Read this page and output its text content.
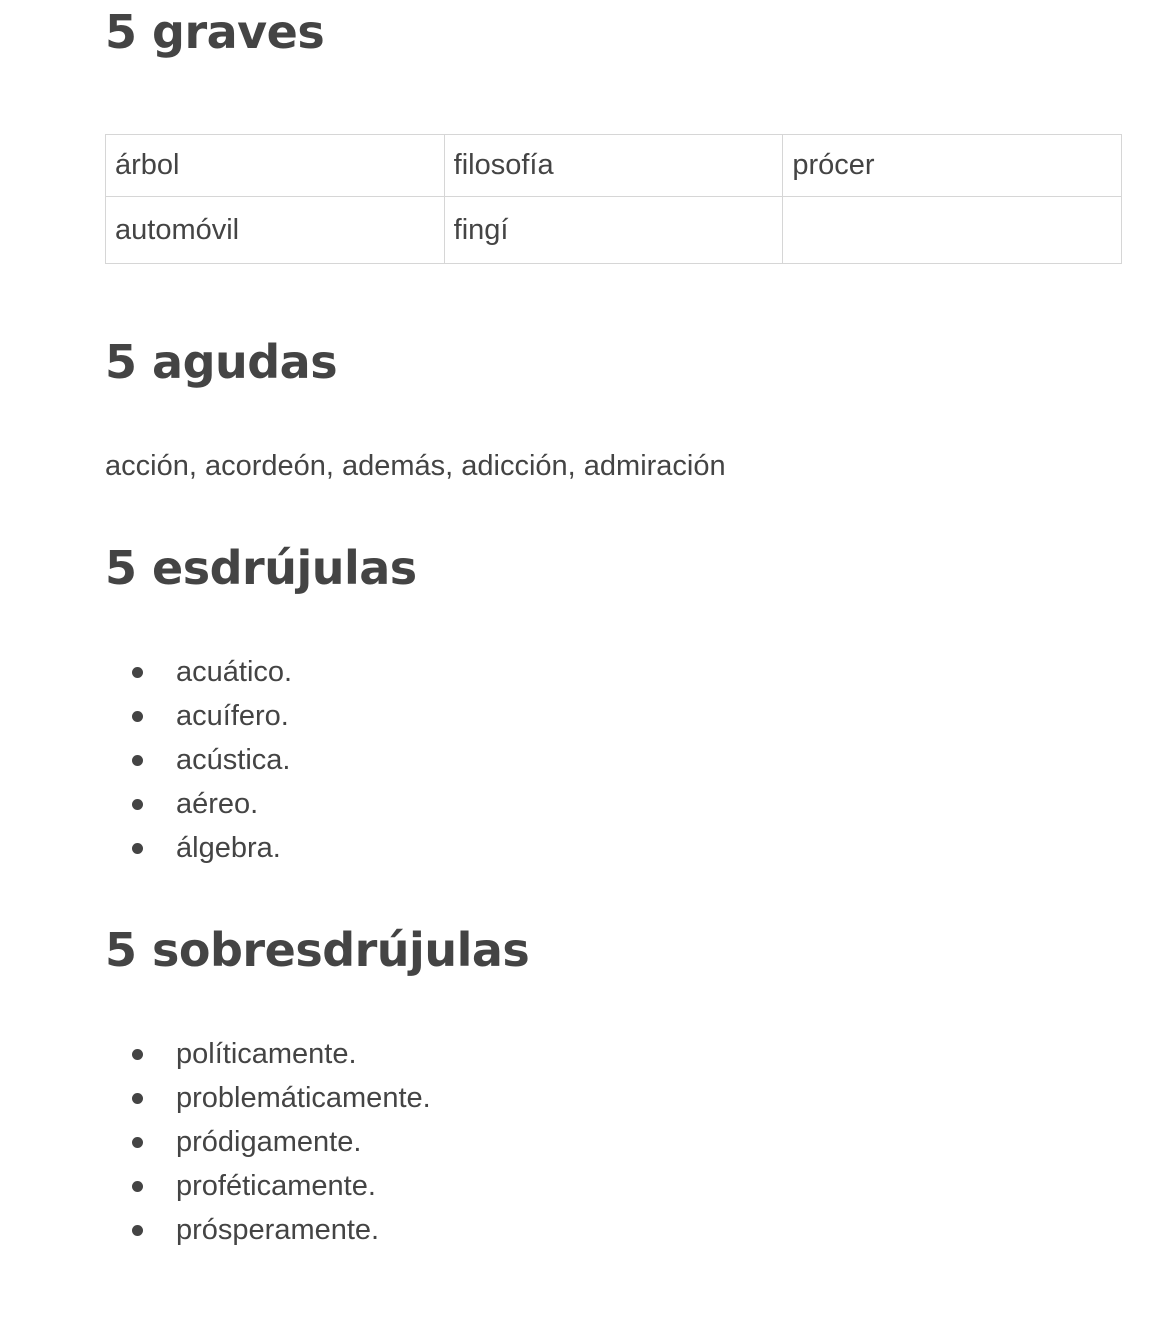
5 graves
árbol	filosofía	prócer
automóvil	fingí	
5 agudas

acción, acordeón, además, adicción, admiración

5 esdrújulas
acuático.
acuífero.
acústica.
aéreo.
álgebra.
5 sobresdrújulas
políticamente.
problemáticamente.
pródigamente.
proféticamente.
prósperamente.
